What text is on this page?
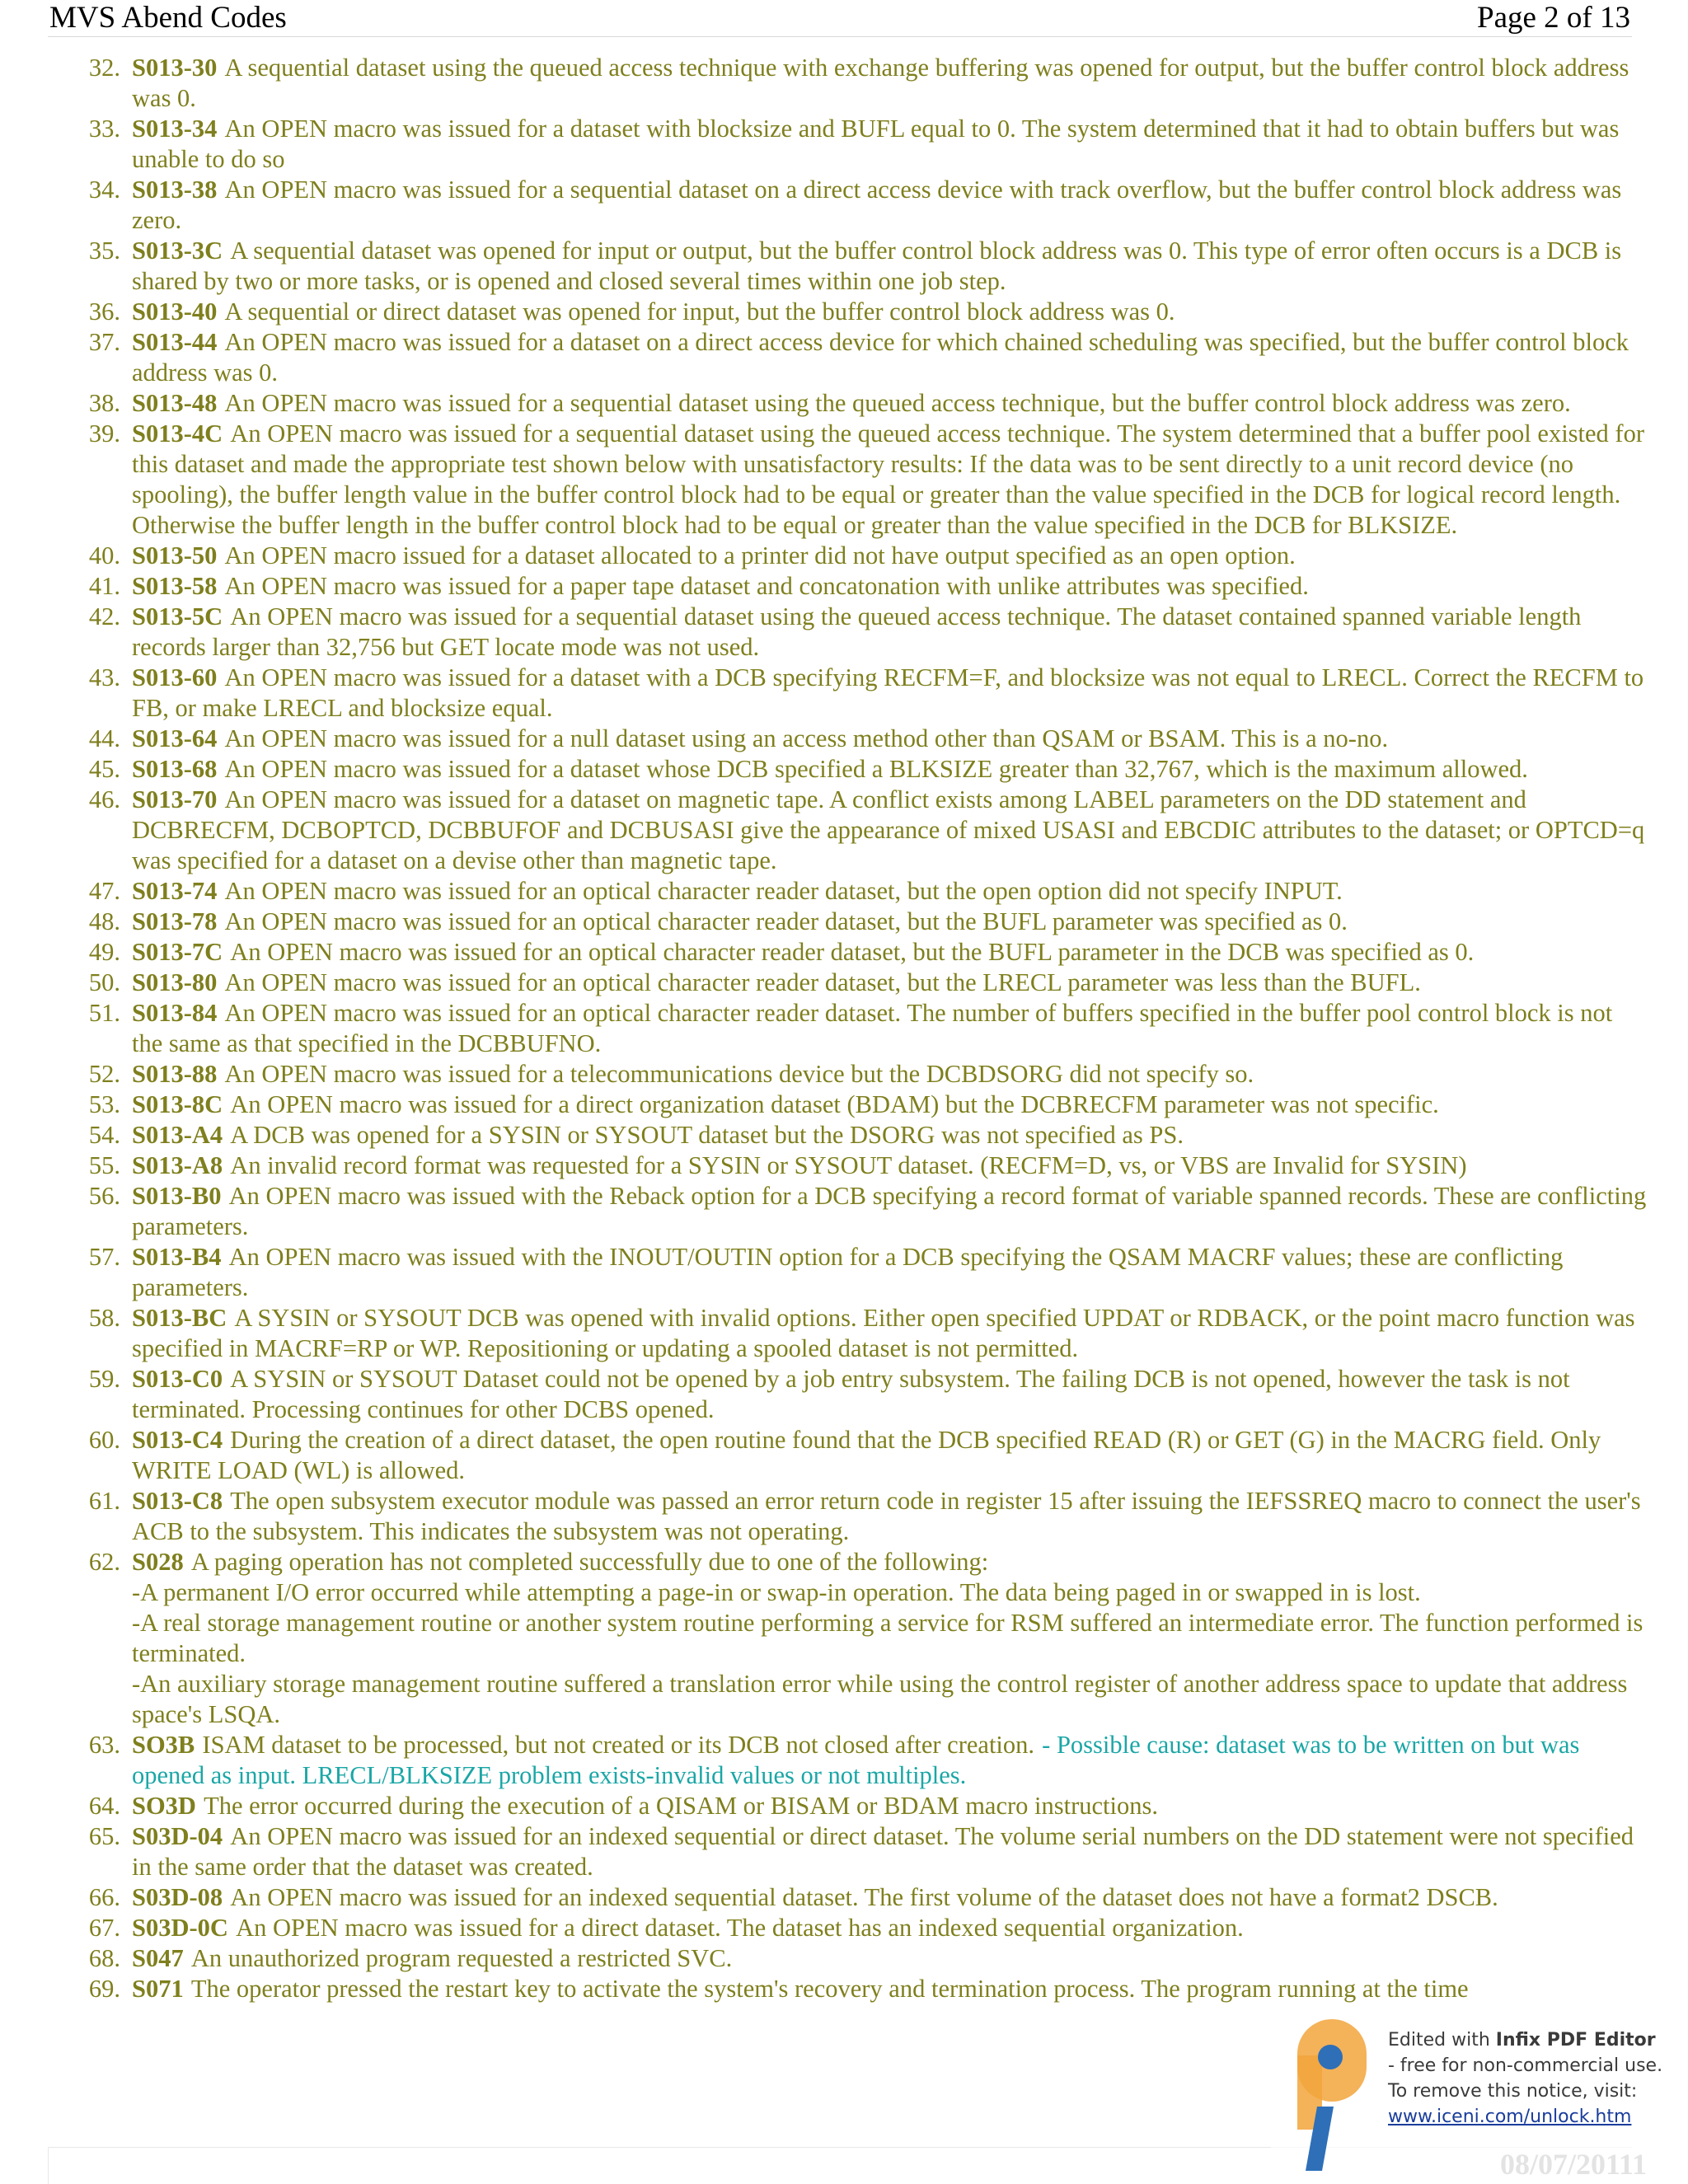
MVS Abend Codes	Page 2 of 13
32. S013-30 A sequential dataset using the queued access technique with exchange buffering was opened for output, but the buffer control block address was 0.
33. S013-34 An OPEN macro was issued for a dataset with blocksize and BUFL equal to 0. The system determined that it had to obtain buffers but was unable to do so
34. S013-38 An OPEN macro was issued for a sequential dataset on a direct access device with track overflow, but the buffer control block address was zero.
35. S013-3C A sequential dataset was opened for input or output, but the buffer control block address was 0. This type of error often occurs is a DCB is shared by two or more tasks, or is opened and closed several times within one job step.
36. S013-40 A sequential or direct dataset was opened for input, but the buffer control block address was 0.
37. S013-44 An OPEN macro was issued for a dataset on a direct access device for which chained scheduling was specified, but the buffer control block address was 0.
38. S013-48 An OPEN macro was issued for a sequential dataset using the queued access technique, but the buffer control block address was zero.
39. S013-4C An OPEN macro was issued for a sequential dataset using the queued access technique. The system determined that a buffer pool existed for this dataset and made the appropriate test shown below with unsatisfactory results: If the data was to be sent directly to a unit record device (no spooling), the buffer length value in the buffer control block had to be equal or greater than the value specified in the DCB for logical record length. Otherwise the buffer length in the buffer control block had to be equal or greater than the value specified in the DCB for BLKSIZE.
40. S013-50 An OPEN macro issued for a dataset allocated to a printer did not have output specified as an open option.
41. S013-58 An OPEN macro was issued for a paper tape dataset and concatonation with unlike attributes was specified.
42. S013-5C An OPEN macro was issued for a sequential dataset using the queued access technique. The dataset contained spanned variable length records larger than 32,756 but GET locate mode was not used.
43. S013-60 An OPEN macro was issued for a dataset with a DCB specifying RECFM=F, and blocksize was not equal to LRECL. Correct the RECFM to FB, or make LRECL and blocksize equal.
44. S013-64 An OPEN macro was issued for a null dataset using an access method other than QSAM or BSAM. This is a no-no.
45. S013-68 An OPEN macro was issued for a dataset whose DCB specified a BLKSIZE greater than 32,767, which is the maximum allowed.
46. S013-70 An OPEN macro was issued for a dataset on magnetic tape. A conflict exists among LABEL parameters on the DD statement and DCBRECFM, DCBOPTCD, DCBBUFOF and DCBUSASI give the appearance of mixed USASI and EBCDIC attributes to the dataset; or OPTCD=q was specified for a dataset on a devise other than magnetic tape.
47. S013-74 An OPEN macro was issued for an optical character reader dataset, but the open option did not specify INPUT.
48. S013-78 An OPEN macro was issued for an optical character reader dataset, but the BUFL parameter was specified as 0.
49. S013-7C An OPEN macro was issued for an optical character reader dataset, but the BUFL parameter in the DCB was specified as 0.
50. S013-80 An OPEN macro was issued for an optical character reader dataset, but the LRECL parameter was less than the BUFL.
51. S013-84 An OPEN macro was issued for an optical character reader dataset. The number of buffers specified in the buffer pool control block is not the same as that specified in the DCBBUFNO.
52. S013-88 An OPEN macro was issued for a telecommunications device but the DCBDSORG did not specify so.
53. S013-8C An OPEN macro was issued for a direct organization dataset (BDAM) but the DCBRECFM parameter was not specific.
54. S013-A4 A DCB was opened for a SYSIN or SYSOUT dataset but the DSORG was not specified as PS.
55. S013-A8 An invalid record format was requested for a SYSIN or SYSOUT dataset. (RECFM=D, vs, or VBS are Invalid for SYSIN)
56. S013-B0 An OPEN macro was issued with the Reback option for a DCB specifying a record format of variable spanned records. These are conflicting parameters.
57. S013-B4 An OPEN macro was issued with the INOUT/OUTIN option for a DCB specifying the QSAM MACRF values; these are conflicting parameters.
58. S013-BC A SYSIN or SYSOUT DCB was opened with invalid options. Either open specified UPDAT or RDBACK, or the point macro function was specified in MACRF=RP or WP. Repositioning or updating a spooled dataset is not permitted.
59. S013-C0 A SYSIN or SYSOUT Dataset could not be opened by a job entry subsystem. The failing DCB is not opened, however the task is not terminated. Processing continues for other DCBS opened.
60. S013-C4 During the creation of a direct dataset, the open routine found that the DCB specified READ (R) or GET (G) in the MACRG field. Only WRITE LOAD (WL) is allowed.
61. S013-C8 The open subsystem executor module was passed an error return code in register 15 after issuing the IEFSSREQ macro to connect the user's ACB to the subsystem. This indicates the subsystem was not operating.
62. S028 A paging operation has not completed successfully due to one of the following:
-A permanent I/O error occurred while attempting a page-in or swap-in operation. The data being paged in or swapped in is lost.
-A real storage management routine or another system routine performing a service for RSM suffered an intermediate error. The function performed is terminated.
-An auxiliary storage management routine suffered a translation error while using the control register of another address space to update that address space's LSQA.
63. SO3B ISAM dataset to be processed, but not created or its DCB not closed after creation. - Possible cause: dataset was to be written on but was opened as input. LRECL/BLKSIZE problem exists-invalid values or not multiples.
64. SO3D The error occurred during the execution of a QISAM or BISAM or BDAM macro instructions.
65. S03D-04 An OPEN macro was issued for an indexed sequential or direct dataset. The volume serial numbers on the DD statement were not specified in the same order that the dataset was created.
66. S03D-08 An OPEN macro was issued for an indexed sequential dataset. The first volume of the dataset does not have a format2 DSCB.
67. S03D-0C An OPEN macro was issued for a direct dataset. The dataset has an indexed sequential organization.
68. S047 An unauthorized program requested a restricted SVC.
69. S071 The operator pressed the restart key to activate the system's recovery and termination process. The program running at the time
Edited with Infix PDF Editor
- free for non-commercial use.
To remove this notice, visit:
www.iceni.com/unlock.htm
